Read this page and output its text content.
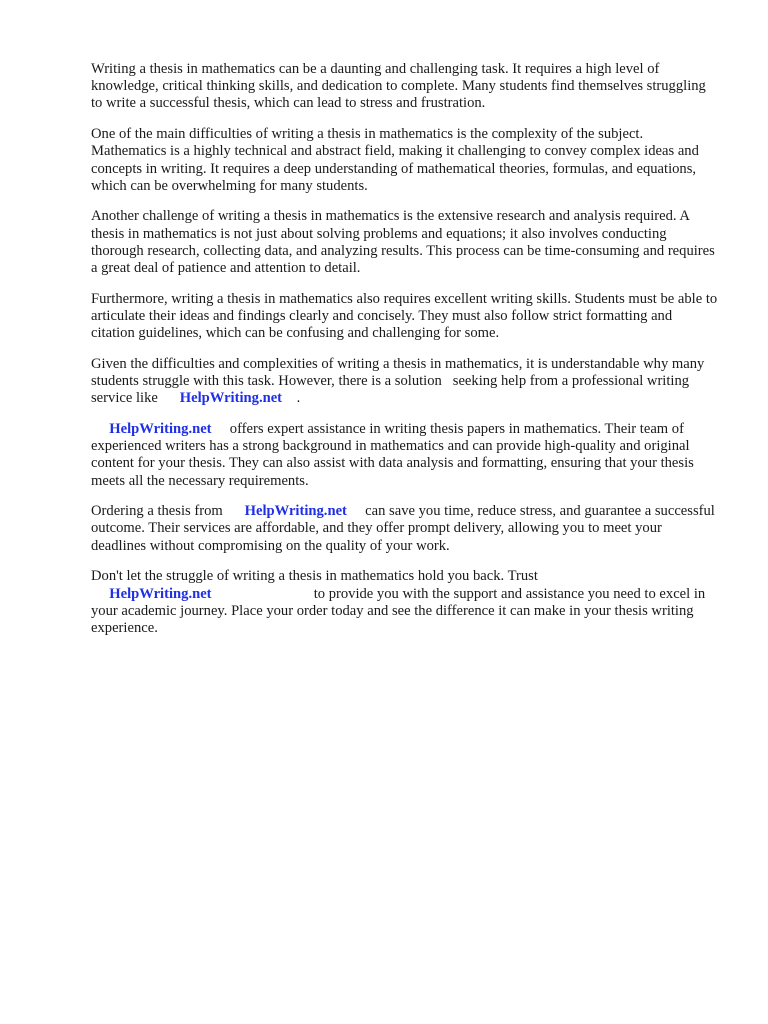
Writing a thesis in mathematics can be a daunting and challenging task. It requires a high level of knowledge, critical thinking skills, and dedication to complete. Many students find themselves struggling to write a successful thesis, which can lead to stress and frustration.

One of the main difficulties of writing a thesis in mathematics is the complexity of the subject. Mathematics is a highly technical and abstract field, making it challenging to convey complex ideas and concepts in writing. It requires a deep understanding of mathematical theories, formulas, and equations, which can be overwhelming for many students.

Another challenge of writing a thesis in mathematics is the extensive research and analysis required. A thesis in mathematics is not just about solving problems and equations; it also involves conducting thorough research, collecting data, and analyzing results. This process can be time-consuming and requires a great deal of patience and attention to detail.

Furthermore, writing a thesis in mathematics also requires excellent writing skills. Students must be able to articulate their ideas and findings clearly and concisely. They must also follow strict formatting and citation guidelines, which can be confusing and challenging for some.

Given the difficulties and complexities of writing a thesis in mathematics, it is understandable why many students struggle with this task. However, there is a solution   seeking help from a professional writing service like      HelpWriting.net    .

HelpWriting.net     offers expert assistance in writing thesis papers in mathematics. Their team of experienced writers has a strong background in mathematics and can provide high-quality and original content for your thesis. They can also assist with data analysis and formatting, ensuring that your thesis meets all the necessary requirements.

Ordering a thesis from      HelpWriting.net     can save you time, reduce stress, and guarantee a successful outcome. Their services are affordable, and they offer prompt delivery, allowing you to meet your deadlines without compromising on the quality of your work.

Don't let the struggle of writing a thesis in mathematics hold you back. Trust      HelpWriting.net                            to provide you with the support and assistance you need to excel in your academic journey. Place your order today and see the difference it can make in your thesis writing experience.
